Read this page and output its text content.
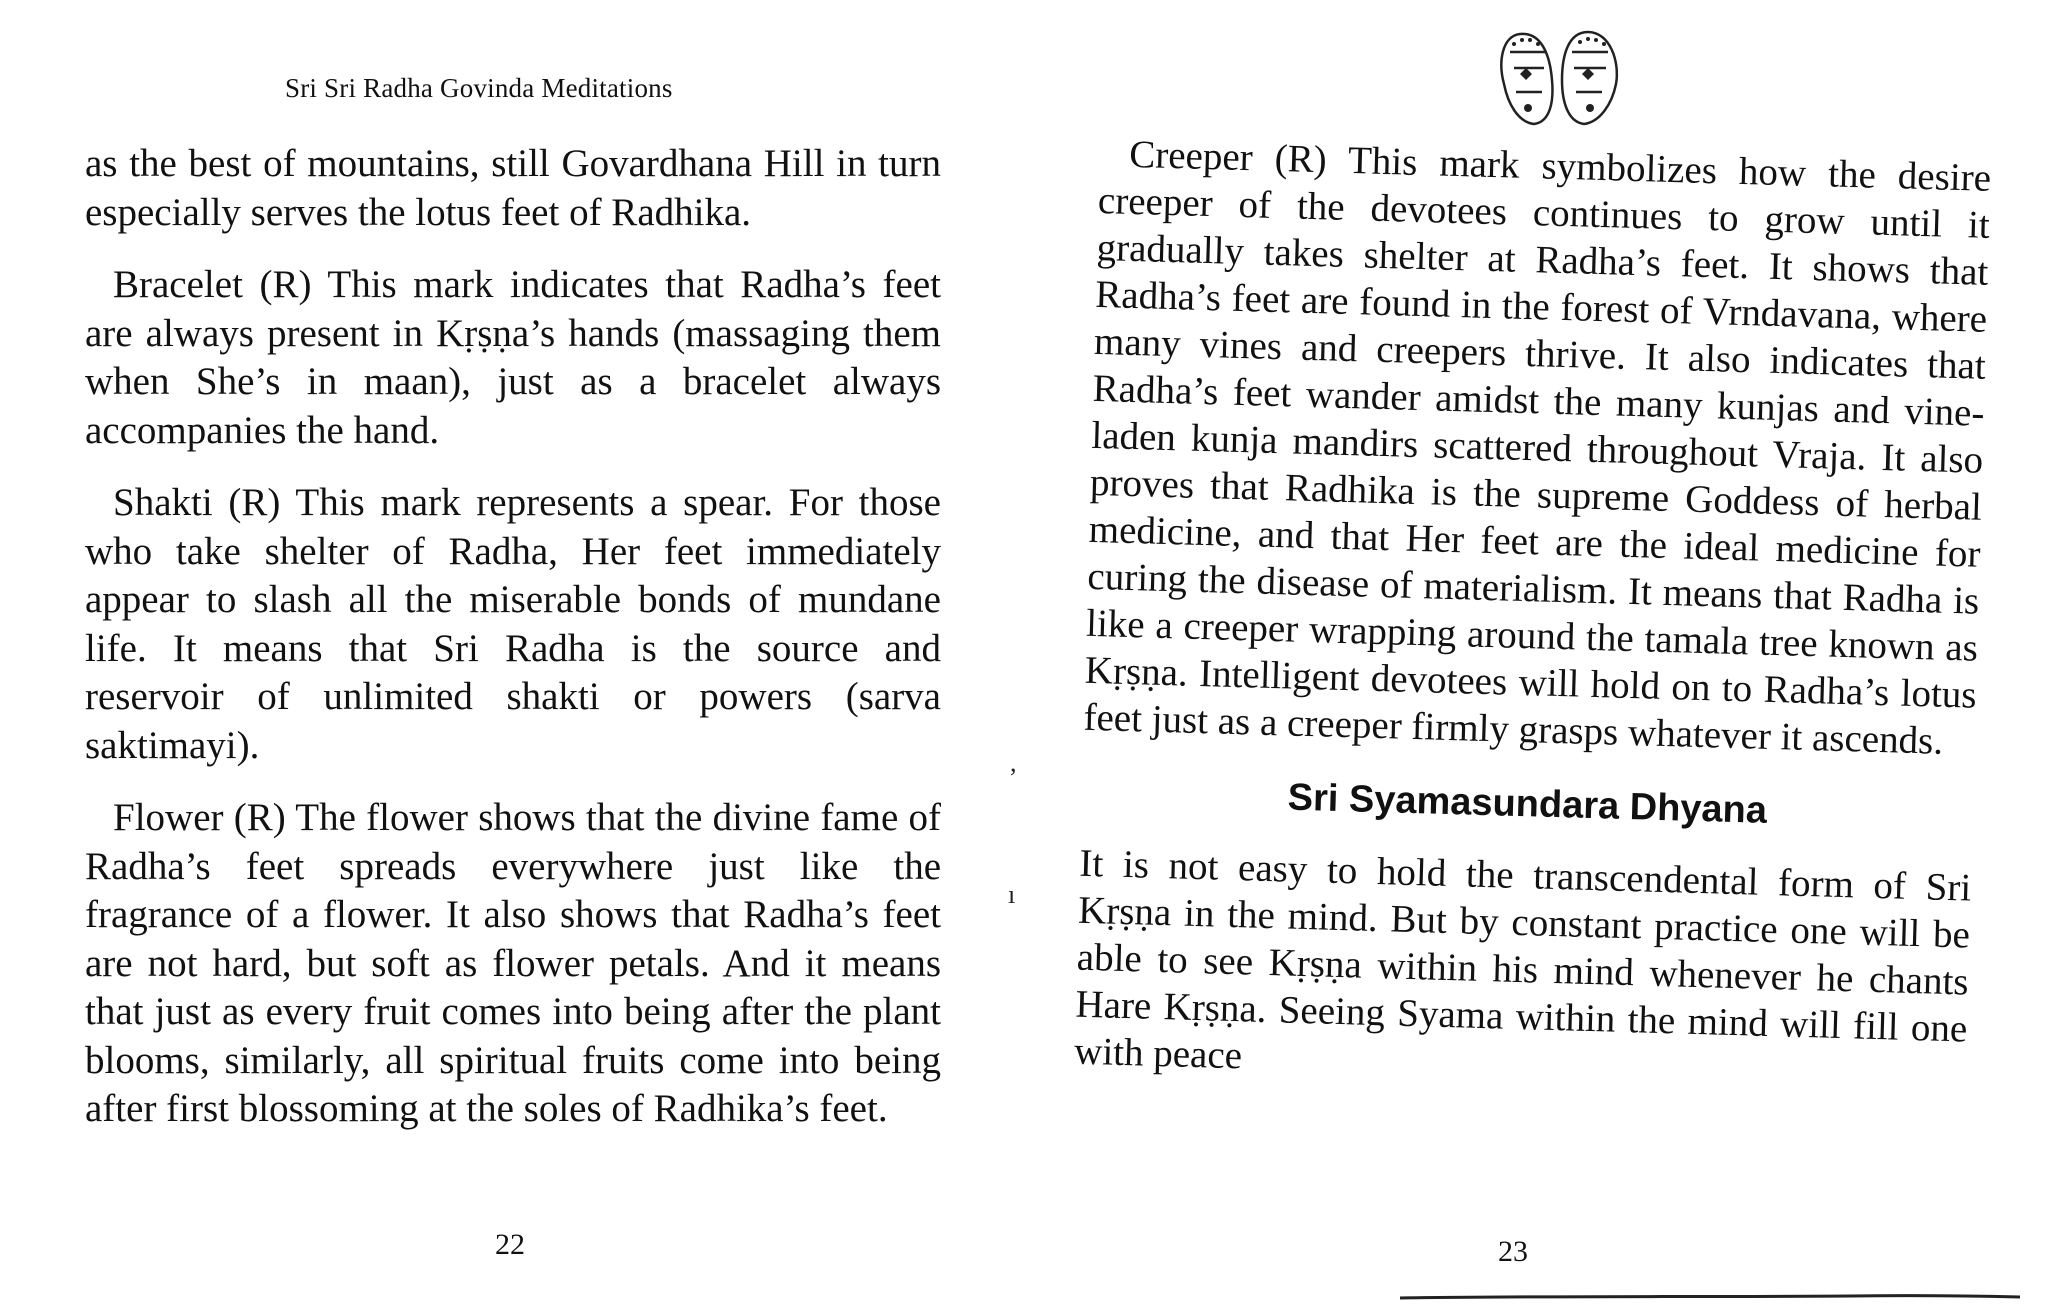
Sri Sri Radha Govinda Meditations

as the best of mountains, still Govardhana Hill in turn especially serves the lotus feet of Radhika.

Bracelet (R) This mark indicates that Radha’s feet are always present in Kṛṣṇa’s hands (massaging them when She’s in maan), just as a bracelet always accompanies the hand.

Shakti (R) This mark represents a spear. For those who take shelter of Radha, Her feet immediately appear to slash all the miserable bonds of mundane life. It means that Sri Radha is the source and reservoir of unlimited shakti or powers (sarva saktimayi).

Flower (R) The flower shows that the divine fame of Radha’s feet spreads everywhere just like the fragrance of a flower. It also shows that Radha’s feet are not hard, but soft as flower petals. And it means that just as every fruit comes into being after the plant blooms, similarly, all spiritual fruits come into being after first blossoming at the soles of Radhika’s feet.

22
,
ı

Creeper (R) This mark symbolizes how the desire creeper of the devotees continues to grow until it gradually takes shelter at Radha’s feet. It shows that Radha’s feet are found in the forest of Vrndavana, where many vines and creepers thrive. It also indicates that Radha’s feet wander amidst the many kunjas and vine-laden kunja mandirs scattered throughout Vraja. It also proves that Radhika is the supreme Goddess of herbal medicine, and that Her feet are the ideal medicine for curing the disease of materialism. It means that Radha is like a creeper wrapping around the tamala tree known as Kṛṣṇa. Intelligent devotees will hold on to Radha’s lotus feet just as a creeper firmly grasps whatever it ascends.

Sri Syamasundara Dhyana

It is not easy to hold the transcendental form of Sri Kṛṣṇa in the mind. But by constant practice one will be able to see Kṛṣṇa within his mind whenever he chants Hare Kṛṣṇa. Seeing Syama within the mind will fill one with peace

23
